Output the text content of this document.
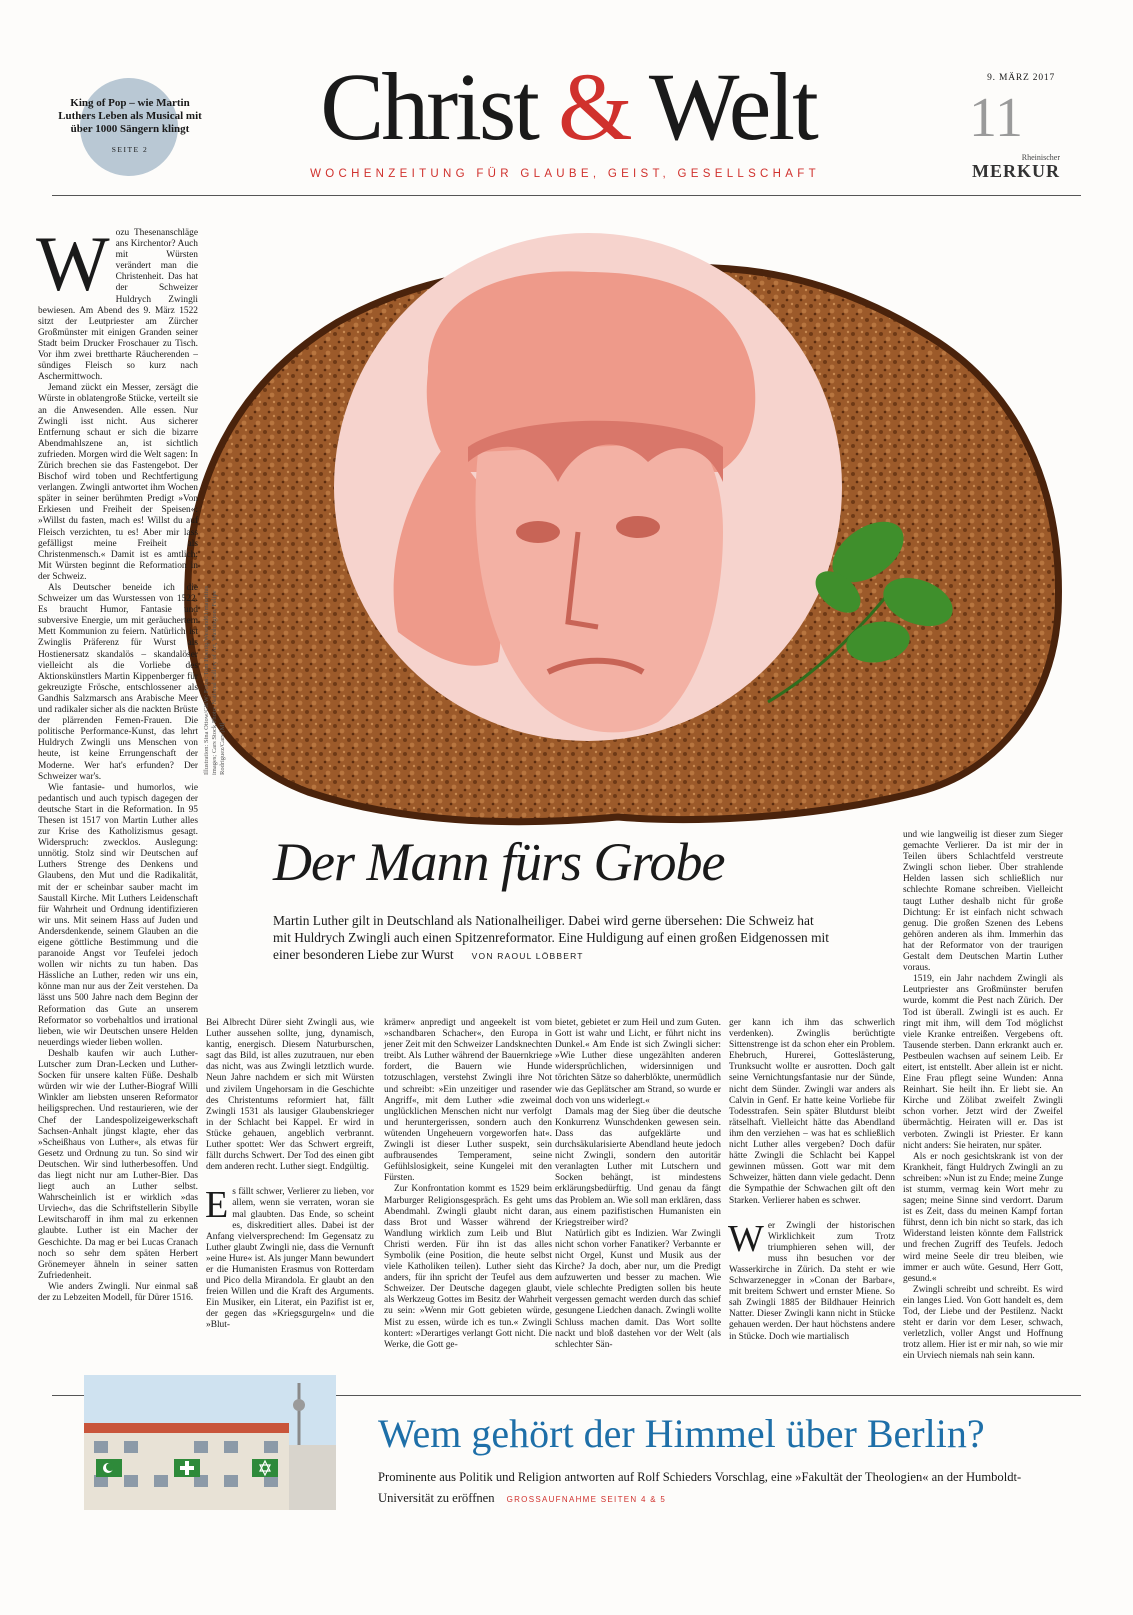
King of Pop – wie Martin Luthers Leben als Musical mit über 1000 Sängern klingt
SEITE 2	Christ & Welt
WOCHENZEITUNG FÜR GLAUBE, GEIST, GESELLSCHAFT
9. MÄRZ 2017
11
Rheinischer
MERKUR
Illustration: Sina Ottow/C&W; Fotos: Tom Hoenig/Westend61/mauritius images; Cars Stock Photo; National Gallery of Art, Washington; Felipe Rodriguez/Cars [M]
W ozu Thesenanschläge ans Kirchentor? Auch mit Würsten verändert man die Christenheit. Das hat der Schweizer Huldrych Zwingli bewiesen. Am Abend des 9. März 1522 sitzt der Leutpriester am Zürcher Großmünster mit einigen Granden seiner Stadt beim Drucker Froschauer zu Tisch. Vor ihm zwei brettharte Räucherenden – sündiges Fleisch so kurz nach Aschermittwoch.

Jemand zückt ein Messer, zersägt die Würste in oblatengroße Stücke, verteilt sie an die Anwesenden. Alle essen. Nur Zwingli isst nicht. Aus sicherer Entfernung schaut er sich die bizarre Abendmahlszene an, ist sichtlich zufrieden. Morgen wird die Welt sagen: In Zürich brechen sie das Fastengebot. Der Bischof wird toben und Rechtfertigung verlangen. Zwingli antwortet ihm Wochen später in seiner berühmten Predigt »Von Erkiesen und Freiheit der Speisen«: »Willst du fasten, mach es! Willst du auf Fleisch verzichten, tu es! Aber mir lass gefälligst meine Freiheit als Christenmensch.« Damit ist es amtlich: Mit Würsten beginnt die Reformation in der Schweiz.

Als Deutscher beneide ich die Schweizer um das Wurstessen von 1522. Es braucht Humor, Fantasie und subversive Energie, um mit geräuchertem Mett Kommunion zu feiern. Natürlich ist Zwinglis Präferenz für Wurst als Hostienersatz skandalös – skandalöser vielleicht als die Vorliebe des Aktionskünstlers Martin Kippenberger für gekreuzigte Frösche, entschlossener als Gandhis Salzmarsch ans Arabische Meer und radikaler sicher als die nackten Brüste der plärrenden Femen-Frauen. Die politische Performance-Kunst, das lehrt Huldrych Zwingli uns Menschen von heute, ist keine Errungenschaft der Moderne. Wer hat's erfunden? Der Schweizer war's.

Wie fantasie- und humorlos, wie pedantisch und auch typisch dagegen der deutsche Start in die Reformation. In 95 Thesen ist 1517 von Martin Luther alles zur Krise des Katholizismus gesagt. Widerspruch: zwecklos. Auslegung: unnötig. Stolz sind wir Deutschen auf Luthers Strenge des Denkens und Glaubens, den Mut und die Radikalität, mit der er scheinbar sauber macht im Saustall Kirche. Mit Luthers Leidenschaft für Wahrheit und Ordnung identifizieren wir uns. Mit seinem Hass auf Juden und Andersdenkende, seinem Glauben an die eigene göttliche Bestimmung und die paranoide Angst vor Teufelei jedoch wollen wir nichts zu tun haben. Das Hässliche an Luther, reden wir uns ein, könne man nur aus der Zeit verstehen. Da lässt uns 500 Jahre nach dem Beginn der Reformation das Gute an unserem Reformator so vorbehaltlos und irrational lieben, wie wir Deutschen unsere Helden neuerdings wieder lieben wollen.

Deshalb kaufen wir auch Luther-Lutscher zum Dran-Lecken und Luther-Socken für unsere kalten Füße. Deshalb würden wir wie der Luther-Biograf Willi Winkler am liebsten unseren Reformator heiligsprechen. Und restaurieren, wie der Chef der Landespolizeigewerkschaft Sachsen-Anhalt jüngst klagte, eher das »Scheißhaus von Luther«, als etwas für Gesetz und Ordnung zu tun. So sind wir Deutschen. Wir sind lutherbesoffen. Und das liegt nicht nur am Luther-Bier. Das liegt auch an Luther selbst. Wahrscheinlich ist er wirklich »das Urviech«, das die Schriftstellerin Sibylle Lewitscharoff in ihm mal zu erkennen glaubte. Luther ist ein Macher der Geschichte. Da mag er bei Lucas Cranach noch so sehr dem späten Herbert Grönemeyer ähneln in seiner satten Zufriedenheit.

Wie anders Zwingli. Nur einmal saß der zu Lebzeiten Modell, für Dürer 1516.

Der Mann fürs Grobe
Martin Luther gilt in Deutschland als Nationalheiliger. Dabei wird gerne übersehen: Die Schweiz hat mit Huldrych Zwingli auch einen Spitzenreformator. Eine Huldigung auf einen großen Eidgenossen mit einer besonderen Liebe zur Wurst VON RAOUL LÖBBERT

Bei Albrecht Dürer sieht Zwingli aus, wie Luther aussehen sollte, jung, dynamisch, kantig, energisch. Diesem Naturburschen, sagt das Bild, ist alles zuzutrauen, nur eben das nicht, was aus Zwingli letztlich wurde. Neun Jahre nachdem er sich mit Würsten und zivilem Ungehorsam in die Geschichte des Christentums reformiert hat, fällt Zwingli 1531 als lausiger Glaubenskrieger in der Schlacht bei Kappel. Er wird in Stücke gehauen, angeblich verbrannt. Luther spottet: Wer das Schwert ergreift, fällt durchs Schwert. Der Tod des einen gibt dem anderen recht. Luther siegt. Endgültig.

E s fällt schwer, Verlierer zu lieben, vor allem, wenn sie verraten, woran sie mal glaubten. Das Ende, so scheint es, diskreditiert alles. Dabei ist der Anfang vielversprechend: Im Gegensatz zu Luther glaubt Zwingli nie, dass die Vernunft »eine Hure« ist. Als junger Mann bewundert er die Humanisten Erasmus von Rotterdam und Pico della Mirandola. Er glaubt an den freien Willen und die Kraft des Arguments. Ein Musiker, ein Literat, ein Pazifist ist er, der gegen das »Kriegsgurgeln« und die »Blut-

krämer« anpredigt und angeekelt ist vom »schandbaren Schacher«, den Europa in jener Zeit mit den Schweizer Landsknechten treibt. Als Luther während der Bauernkriege fordert, die Bauern wie Hunde totzuschlagen, verstehst Zwingli ihre Not und schreibt: »Ein unzeitiger und rasender Angriff«, mit dem Luther »die zweimal unglücklichen Menschen nicht nur verfolgt und heruntergerissen, sondern auch den wütenden Ungeheuern vorgeworfen hat«. Zwingli ist dieser Luther suspekt, sein aufbrausendes Temperament, seine Gefühlslosigkeit, seine Kungelei mit den Fürsten.

Zur Konfrontation kommt es 1529 beim Marburger Religionsgespräch. Es geht ums Abendmahl. Zwingli glaubt nicht daran, dass Brot und Wasser während der Wandlung wirklich zum Leib und Blut Christi werden. Für ihn ist das alles Symbolik (eine Position, die heute selbst viele Katholiken teilen). Luther sieht das anders, für ihn spricht der Teufel aus dem Schweizer. Der Deutsche dagegen glaubt, als Werkzeug Gottes im Besitz der Wahrheit zu sein: »Wenn mir Gott gebieten würde, Mist zu essen, würde ich es tun.« Zwingli kontert: »Derartiges verlangt Gott nicht. Die Werke, die Gott ge-

bietet, gebietet er zum Heil und zum Guten. Gott ist wahr und Licht, er führt nicht ins Dunkel.« Am Ende ist sich Zwingli sicher: »Wie Luther diese ungezählten anderen widersprüchlichen, widersinnigen und törichten Sätze so daherblökte, unermüdlich wie das Geplätscher am Strand, so wurde er doch von uns widerlegt.«

Damals mag der Sieg über die deutsche Konkurrenz Wunschdenken gewesen sein. Dass das aufgeklärte und durchsäkularisierte Abendland heute jedoch nicht Zwingli, sondern den autoritär veranlagten Luther mit Lutschern und Socken behängt, ist mindestens erklärungsbedürftig. Und genau da fängt das Problem an. Wie soll man erklären, dass aus einem pazifistischen Humanisten ein Kriegstreiber wird?

Natürlich gibt es Indizien. War Zwingli nicht schon vorher Fanatiker? Verbannte er nicht Orgel, Kunst und Musik aus der Kirche? Ja doch, aber nur, um die Predigt aufzuwerten und besser zu machen. Wie viele schlechte Predigten sollen bis heute vergessen gemacht werden durch das schief gesungene Liedchen danach. Zwingli wollte Schluss machen damit. Das Wort sollte nackt und bloß dastehen vor der Welt (als schlechter Sän-

ger kann ich ihm das schwerlich verdenken). Zwinglis berüchtigte Sittenstrenge ist da schon eher ein Problem. Ehebruch, Hurerei, Gotteslästerung, Trunksucht wollte er ausrotten. Doch galt seine Vernichtungsfantasie nur der Sünde, nicht dem Sünder. Zwingli war anders als Calvin in Genf. Er hatte keine Vorliebe für Todesstrafen. Sein später Blutdurst bleibt rätselhaft. Vielleicht hätte das Abendland ihm den verziehen – was hat es schließlich nicht Luther alles vergeben? Doch dafür hätte Zwingli die Schlacht bei Kappel gewinnen müssen. Gott war mit dem Schweizer, hätten dann viele gedacht. Denn die Sympathie der Schwachen gilt oft den Starken. Verlierer haben es schwer.

W er Zwingli der historischen Wirklichkeit zum Trotz triumphieren sehen will, der muss ihn besuchen vor der Wasserkirche in Zürich. Da steht er wie Schwarzenegger in »Conan der Barbar«, mit breitem Schwert und ernster Miene. So sah Zwingli 1885 der Bildhauer Heinrich Natter. Dieser Zwingli kann nicht in Stücke gehauen werden. Der haut höchstens andere in Stücke. Doch wie martialisch

und wie langweilig ist dieser zum Sieger gemachte Verlierer. Da ist mir der in Teilen übers Schlachtfeld verstreute Zwingli schon lieber. Über strahlende Helden lassen sich schließlich nur schlechte Romane schreiben. Vielleicht taugt Luther deshalb nicht für große Dichtung: Er ist einfach nicht schwach genug. Die großen Szenen des Lebens gehören anderen als ihm. Immerhin das hat der Reformator von der traurigen Gestalt dem Deutschen Martin Luther voraus.

1519, ein Jahr nachdem Zwingli als Leutpriester ans Großmünster berufen wurde, kommt die Pest nach Zürich. Der Tod ist überall. Zwingli ist es auch. Er ringt mit ihm, will dem Tod möglichst viele Kranke entreißen. Vergebens oft. Tausende sterben. Dann erkrankt auch er. Pestbeulen wachsen auf seinem Leib. Er eitert, ist entstellt. Aber allein ist er nicht. Eine Frau pflegt seine Wunden: Anna Reinhart. Sie heilt ihn. Er liebt sie. An Kirche und Zölibat zweifelt Zwingli schon vorher. Jetzt wird der Zweifel übermächtig. Heiraten will er. Das ist verboten. Zwingli ist Priester. Er kann nicht anders: Sie heiraten, nur später.

Als er noch gesichtskrank ist von der Krankheit, fängt Huldrych Zwingli an zu schreiben: »Nun ist zu Ende; meine Zunge ist stumm, vermag kein Wort mehr zu sagen; meine Sinne sind verdorrt. Darum ist es Zeit, dass du meinen Kampf fortan führst, denn ich bin nicht so stark, das ich Widerstand leisten könnte dem Fallstrick und frechen Zugriff des Teufels. Jedoch wird meine Seele dir treu bleiben, wie immer er auch wüte. Gesund, Herr Gott, gesund.«

Zwingli schreibt und schreibt. Es wird ein langes Lied. Von Gott handelt es, dem Tod, der Liebe und der Pestilenz. Nackt steht er darin vor dem Leser, schwach, verletzlich, voller Angst und Hoffnung trotz allem. Hier ist er mir nah, so wie mir ein Urviech niemals nah sein kann.

Wem gehört der Himmel über Berlin?
Prominente aus Politik und Religion antworten auf Rolf Schieders Vorschlag, eine »Fakultät der Theologien« an der Humboldt-Universität zu eröffnen GROSSAUFNAHME SEITEN 4 & 5
